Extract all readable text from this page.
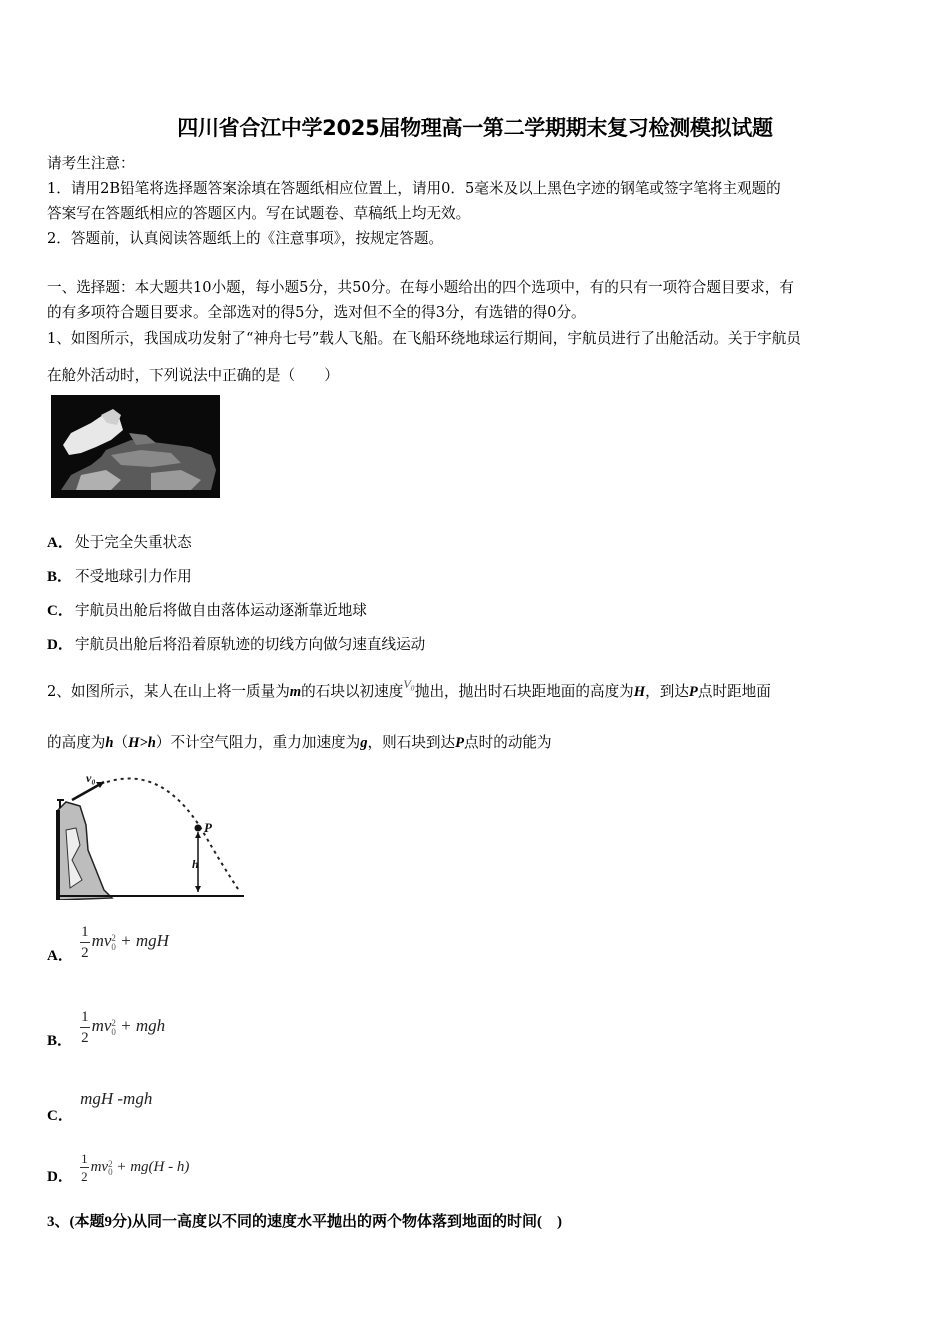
四川省合江中学2025届物理高一第二学期期末复习检测模拟试题
请考生注意：
1．请用2B铅笔将选择题答案涂填在答题纸相应位置上，请用0．5毫米及以上黑色字迹的钢笔或签字笔将主观题的
答案写在答题纸相应的答题区内。写在试题卷、草稿纸上均无效。
2．答题前，认真阅读答题纸上的《注意事项》，按规定答题。
一、选择题：本大题共10小题，每小题5分，共50分。在每小题给出的四个选项中，有的只有一项符合题目要求，有
的有多项符合题目要求。全部选对的得5分，选对但不全的得3分，有选错的得0分。
1、如图所示，我国成功发射了“神舟七号”载人飞船。在飞船环绕地球运行期间，宇航员进行了出舱活动。关于宇航员
在舱外活动时，下列说法中正确的是（　　）
A． 处于完全失重状态
B． 不受地球引力作用
C． 宇航员出舱后将做自由落体运动逐渐靠近地球
D． 宇航员出舱后将沿着原轨迹的切线方向做匀速直线运动
2、如图所示，某人在山上将一质量为m的石块以初速度$^{V_0}$抛出，抛出时石块距地面的高度为H，到达P点时距地面
的高度为h（H>h）不计空气阻力，重力加速度为g，则石块到达P点时的动能为
v₀
P
h
A． $\frac{1}{2}$ mv 2
0 + mgH
B． $\frac{1}{2}$ mv 2
0 + mgh
C． mgH -mgh
D． $\frac{1}{2}$ mv 2
0 + mg(H - h)
3、(本题9分)从同一高度以不同的速度水平抛出的两个物体落到地面的时间(　)
